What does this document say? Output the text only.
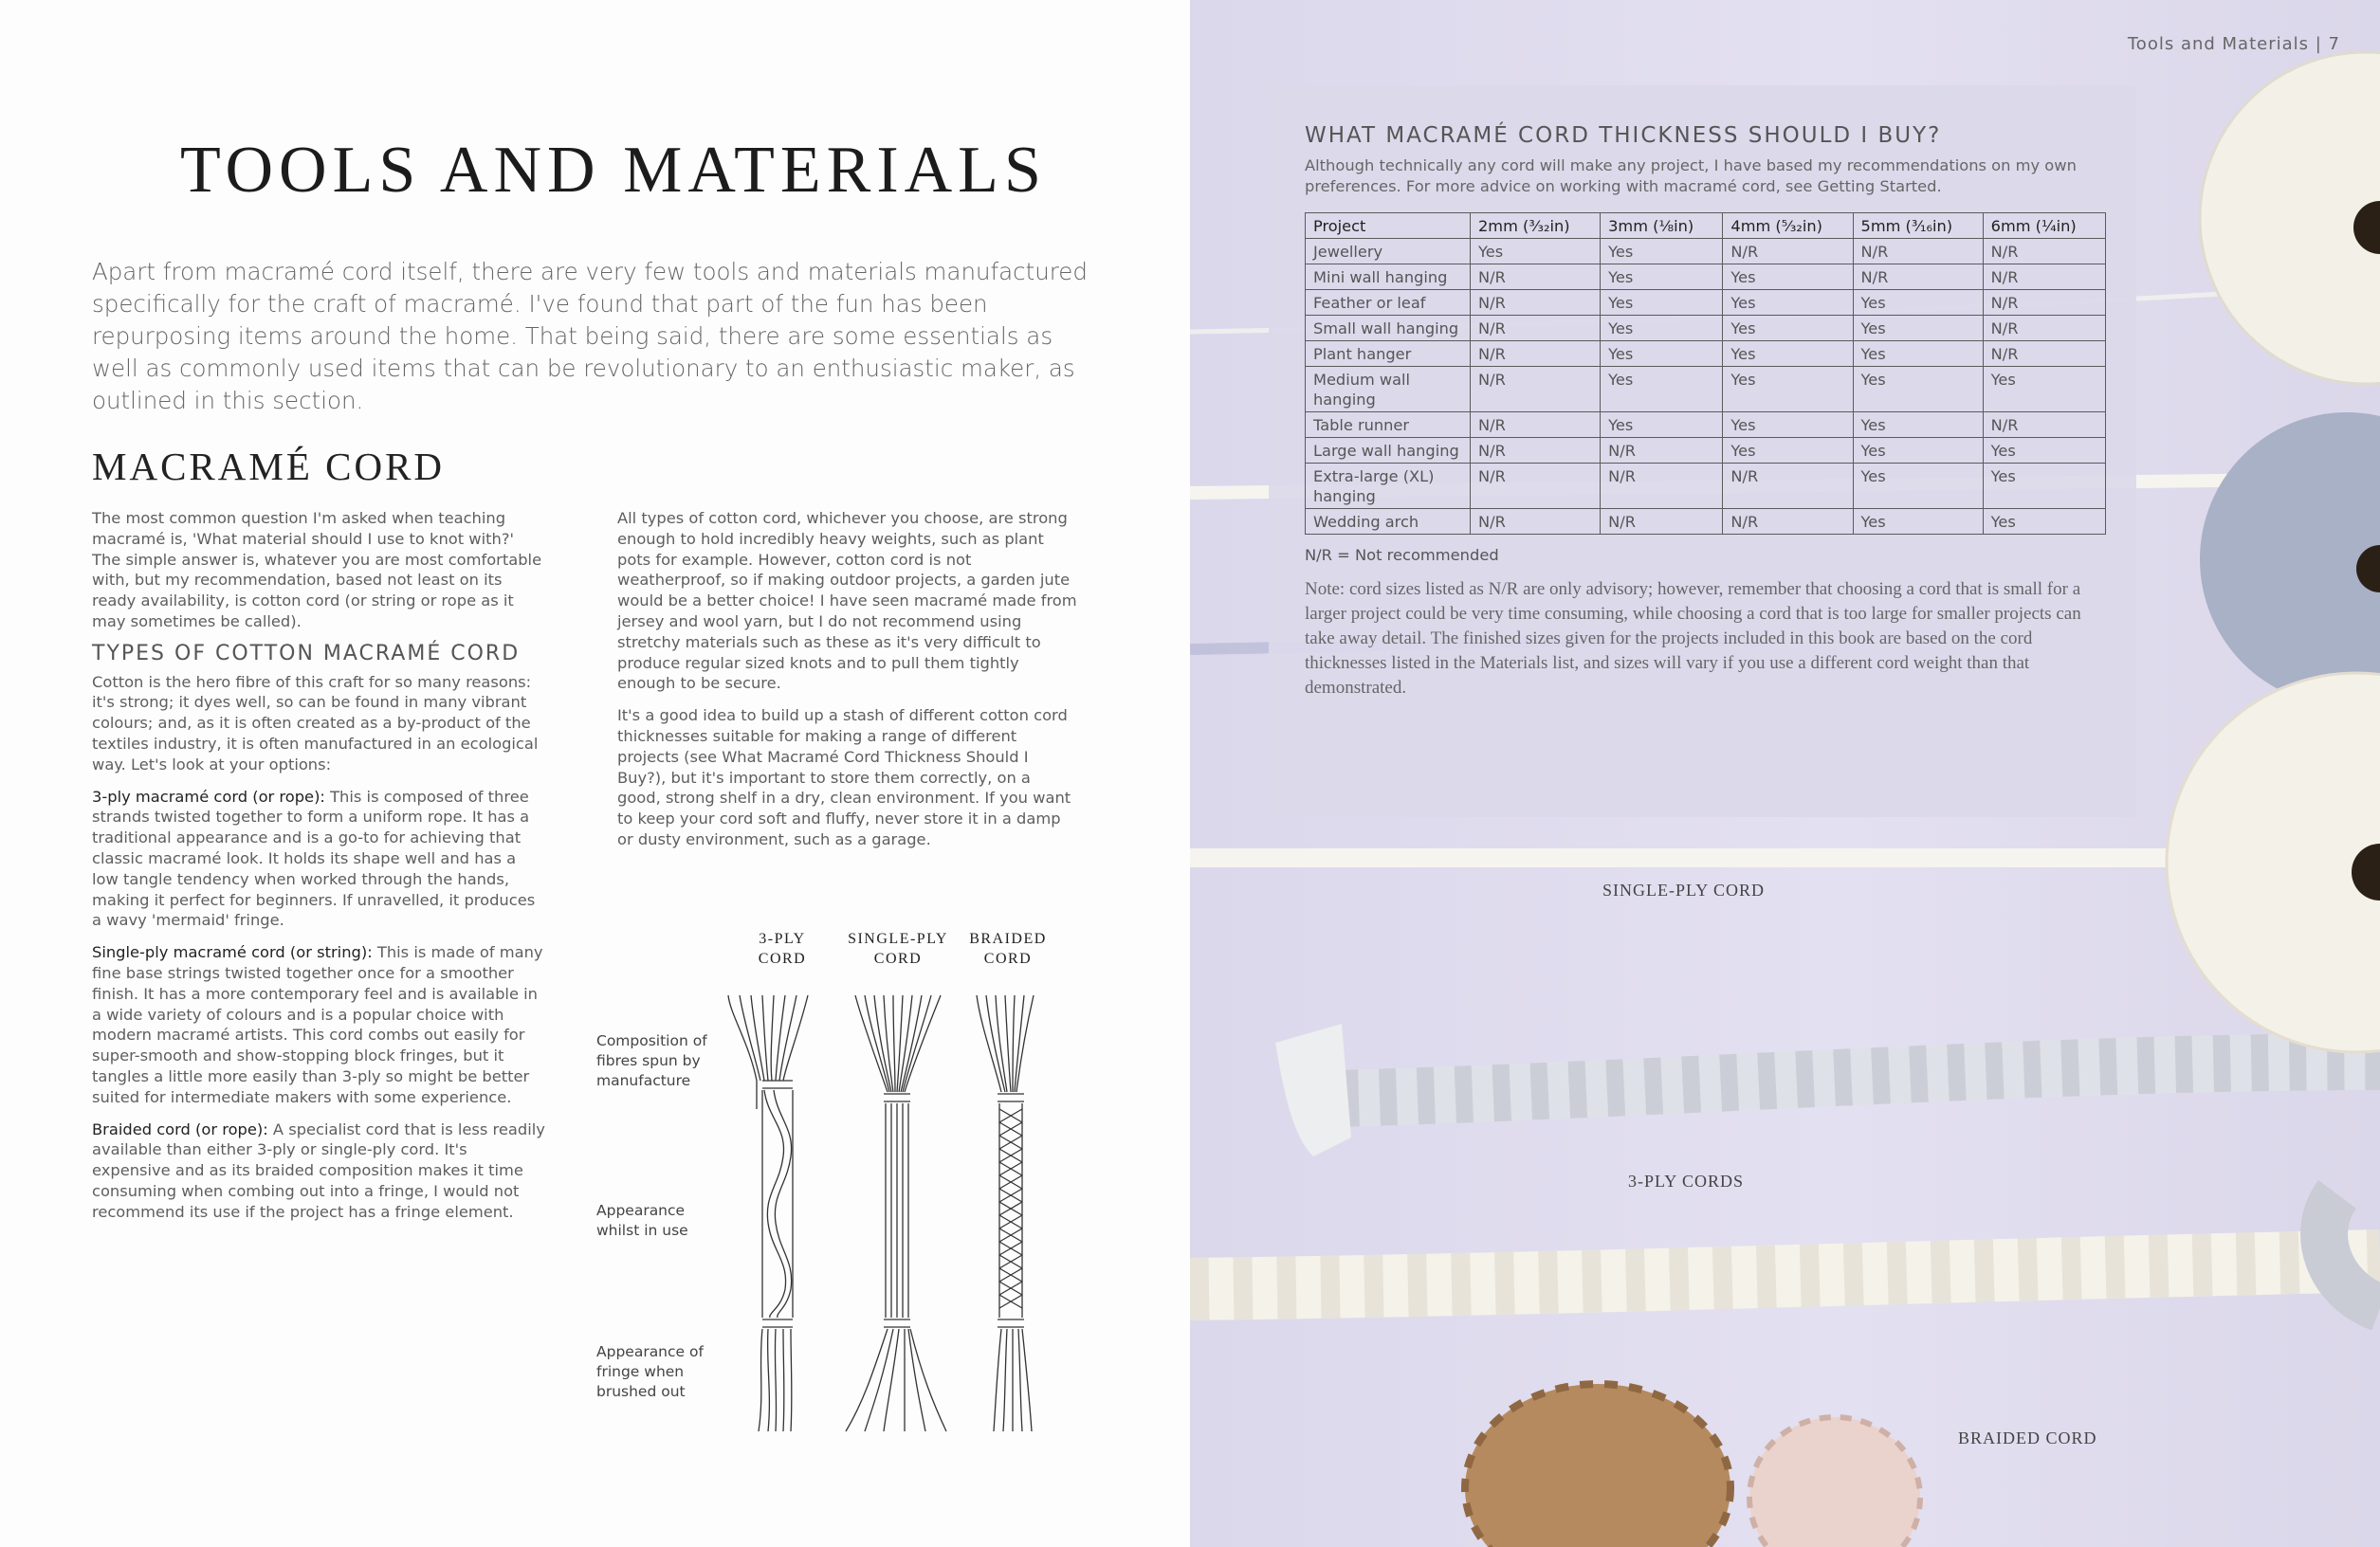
TOOLS AND MATERIALS
Apart from macramé cord itself, there are very few tools and materials manufactured specifically for the craft of macramé. I've found that part of the fun has been repurposing items around the home. That being said, there are some essentials as well as commonly used items that can be revolutionary to an enthusiastic maker, as outlined in this section.
MACRAMÉ CORD

The most common question I'm asked when teaching macramé is, 'What material should I use to knot with?' The simple answer is, whatever you are most comfortable with, but my recommendation, based not least on its ready availability, is cotton cord (or string or rope as it may sometimes be called).

TYPES OF COTTON MACRAMÉ CORD

Cotton is the hero fibre of this craft for so many reasons: it's strong; it dyes well, so can be found in many vibrant colours; and, as it is often created as a by-product of the textiles industry, it is often manufactured in an ecological way. Let's look at your options:

3-ply macramé cord (or rope): This is composed of three strands twisted together to form a uniform rope. It has a traditional appearance and is a go-to for achieving that classic macramé look. It holds its shape well and has a low tangle tendency when worked through the hands, making it perfect for beginners. If unravelled, it produces a wavy 'mermaid' fringe.

Single-ply macramé cord (or string): This is made of many fine base strings twisted together once for a smoother finish. It has a more contemporary feel and is available in a wide variety of colours and is a popular choice with modern macramé artists. This cord combs out easily for super-smooth and show-stopping block fringes, but it tangles a little more easily than 3-ply so might be better suited for intermediate makers with some experience.

Braided cord (or rope): A specialist cord that is less readily available than either 3-ply or single-ply cord. It's expensive and as its braided composition makes it time consuming when combing out into a fringe, I would not recommend its use if the project has a fringe element.

All types of cotton cord, whichever you choose, are strong enough to hold incredibly heavy weights, such as plant pots for example. However, cotton cord is not weatherproof, so if making outdoor projects, a garden jute would be a better choice! I have seen macramé made from jersey and wool yarn, but I do not recommend using stretchy materials such as these as it's very difficult to produce regular sized knots and to pull them tightly enough to be secure.

It's a good idea to build up a stash of different cotton cord thicknesses suitable for making a range of different projects (see What Macramé Cord Thickness Should I Buy?), but it's important to store them correctly, on a good, strong shelf in a dry, clean environment. If you want to keep your cord soft and fluffy, never store it in a damp or dusty environment, such as a garage.

3-PLY
CORD
SINGLE-PLY
CORD
BRAIDED
CORD
Composition of fibres spun by manufacture
Appearance whilst in use
Appearance of fringe when brushed out
Tools and Materials | 7
SINGLE-PLY CORD
3-PLY CORDS
BRAIDED CORD
WHAT MACRAMÉ CORD THICKNESS SHOULD I BUY?
Although technically any cord will make any project, I have based my recommendations on my own preferences. For more advice on working with macramé cord, see Getting Started.
Project	2mm (³⁄₃₂in)	3mm (⅛in)	4mm (⁵⁄₃₂in)	5mm (³⁄₁₆in)	6mm (¼in)
Jewellery	Yes	Yes	N/R	N/R	N/R
Mini wall hanging	N/R	Yes	Yes	N/R	N/R
Feather or leaf	N/R	Yes	Yes	Yes	N/R
Small wall hanging	N/R	Yes	Yes	Yes	N/R
Plant hanger	N/R	Yes	Yes	Yes	N/R
Medium wall hanging	N/R	Yes	Yes	Yes	Yes
Table runner	N/R	Yes	Yes	Yes	N/R
Large wall hanging	N/R	N/R	Yes	Yes	Yes
Extra-large (XL) hanging	N/R	N/R	N/R	Yes	Yes
Wedding arch	N/R	N/R	N/R	Yes	Yes
N/R = Not recommended
Note: cord sizes listed as N/R are only advisory; however, remember that choosing a cord that is small for a larger project could be very time consuming, while choosing a cord that is too large for smaller projects can take away detail. The finished sizes given for the projects included in this book are based on the cord thicknesses listed in the Materials list, and sizes will vary if you use a different cord weight than that demonstrated.
